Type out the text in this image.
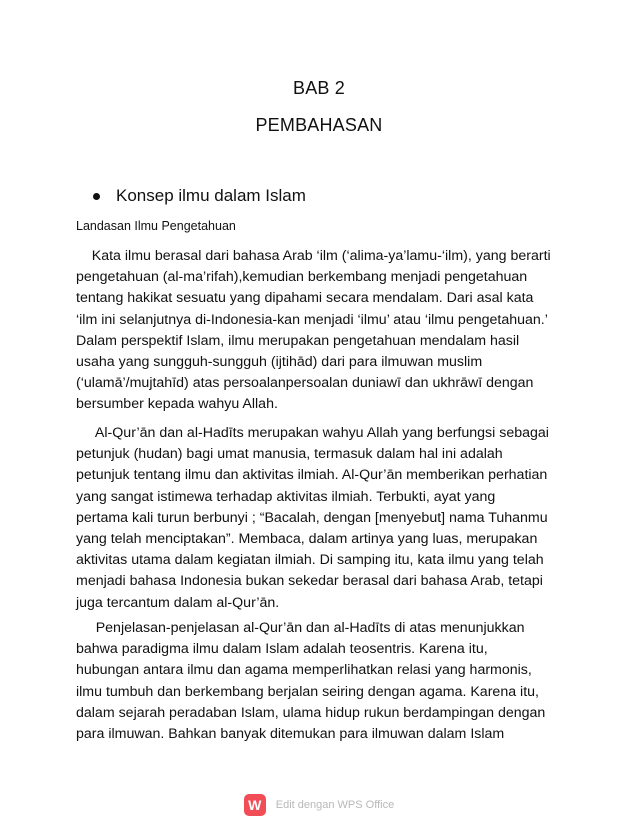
BAB 2
PEMBAHASAN
Konsep ilmu dalam Islam
Landasan Ilmu Pengetahuan
Kata ilmu berasal dari bahasa Arab ‘ilm (‘alima-ya’lamu-‘ilm), yang berarti
pengetahuan (al-ma’rifah),kemudian berkembang menjadi pengetahuan
tentang hakikat sesuatu yang dipahami secara mendalam. Dari asal kata
‘ilm ini selanjutnya di-Indonesia-kan menjadi ‘ilmu’ atau ‘ilmu pengetahuan.’
Dalam perspektif Islam, ilmu merupakan pengetahuan mendalam hasil
usaha yang sungguh-sungguh (ijtihād) dari para ilmuwan muslim
(‘ulamā’/mujtahīd) atas persoalanpersoalan duniawī dan ukhrāwī dengan
bersumber kepada wahyu Allah.
Al-Qur’ān dan al-Hadīts merupakan wahyu Allah yang berfungsi sebagai
petunjuk (hudan) bagi umat manusia, termasuk dalam hal ini adalah
petunjuk tentang ilmu dan aktivitas ilmiah. Al-Qur’ān memberikan perhatian
yang sangat istimewa terhadap aktivitas ilmiah. Terbukti, ayat yang
pertama kali turun berbunyi ; “Bacalah, dengan [menyebut] nama Tuhanmu
yang telah menciptakan”. Membaca, dalam artinya yang luas, merupakan
aktivitas utama dalam kegiatan ilmiah. Di samping itu, kata ilmu yang telah
menjadi bahasa Indonesia bukan sekedar berasal dari bahasa Arab, tetapi
juga tercantum dalam al-Qur’ān.
Penjelasan-penjelasan al-Qur’ān dan al-Hadīts di atas menunjukkan
bahwa paradigma ilmu dalam Islam adalah teosentris. Karena itu,
hubungan antara ilmu dan agama memperlihatkan relasi yang harmonis,
ilmu tumbuh dan berkembang berjalan seiring dengan agama. Karena itu,
dalam sejarah peradaban Islam, ulama hidup rukun berdampingan dengan
para ilmuwan. Bahkan banyak ditemukan para ilmuwan dalam Islam
W	Edit dengan WPS Office
